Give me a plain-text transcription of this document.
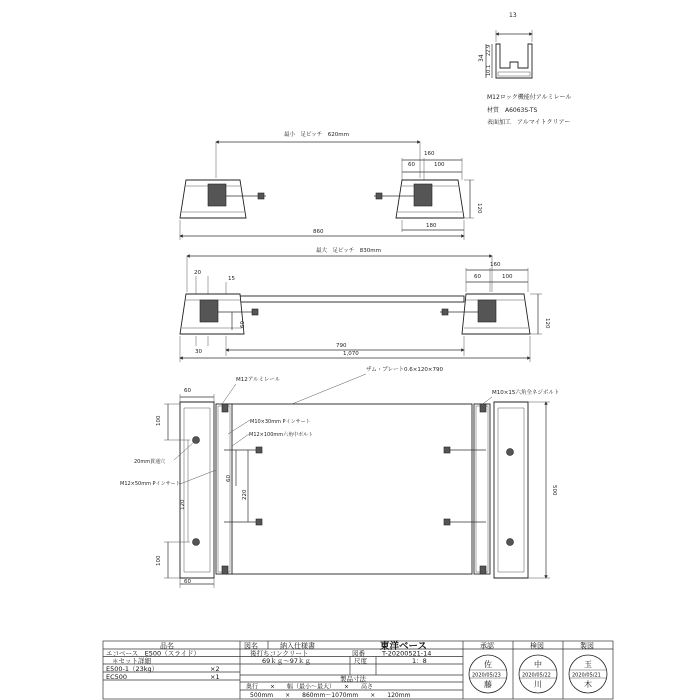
13
34
22.9
10.1
M12ロック機能付アルミレール
材質　A6063S-TS
表面加工　アルマイトクリアー
最小　足ピッチ　620mm
160
60	100
120
180
860
最大　足ピッチ　830mm
160
60	100
20
15
120
60
30
790
1,070
M12アルミレール
ザム・プレート0.6×120×790
M10×15六角全ネジボルト
M10×30mm Pインサート
M12×100mm六角中ボルト
20mm貫通穴
M12×50mm Pインサート
60
100
120
100
60
60
220	500
品名	図名	納入仕様書	東洋ベース	承認	検図	製図
エコベース　E500（スライド）	後打ちコンクリート	図番	T-20200521-14
＊セット詳細	69ｋｇ～97ｋｇ	尺度	1：8
E500-1（23kg）	×2
EC500	×1	製品寸法
奥行　　×　　幅（最小～最大）　　×　　高さ
500mm　　×　　860mm～1070mm　　×　　120mm
佐
2020/05/23
藤
中
2020/05/22
川
玉
2020/05/21
木
